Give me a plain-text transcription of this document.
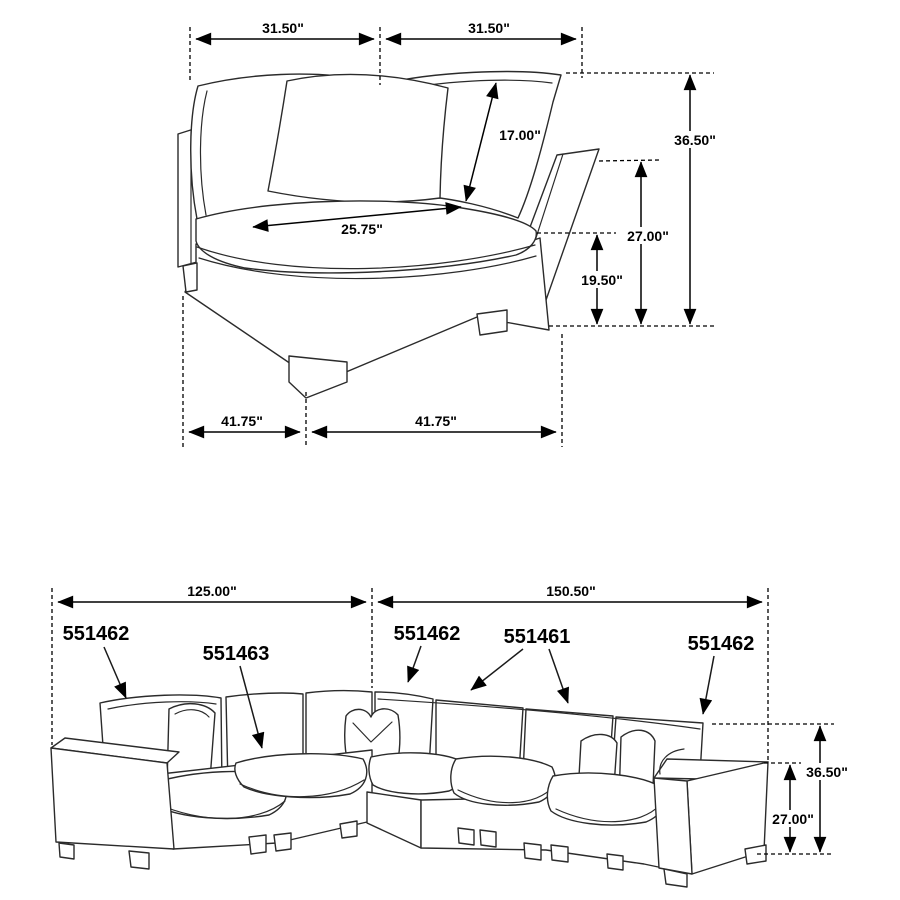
31.50"	31.50"
17.00"
25.75"
36.50"
27.00"
19.50"
41.75"	41.75"
125.00"	150.50"
551462
551463
551462 551461	551462
36.50"
27.00"
